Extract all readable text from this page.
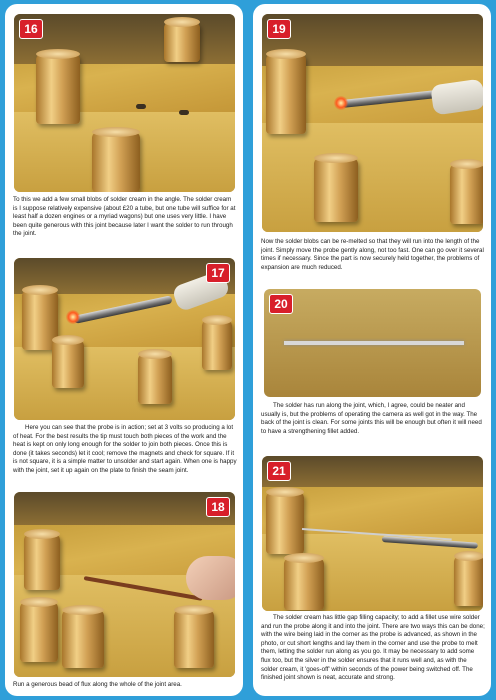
16

To this we add a few small blobs of solder cream in the angle. The solder cream is I suppose relatively expensive (about £20 a tube, but one tube will suffice for at least half a dozen engines or a myriad wagons) but one uses very little. I have been quite generous with this joint because later I want the solder to run through the joint.

17

Here you can see that the probe is in action; set at 3 volts so producing a lot of heat. For the best results the tip must touch both pieces of the work and the heat is kept on only long enough for the solder to join both pieces. Once this is done (it takes seconds) let it cool; remove the magnets and check for square. If it is not square, it is a simple matter to unsolder and start again. When one is happy with the joint, set it up again on the plate to finish the seam joint.

18

Run a generous bead of flux along the whole of the joint area.

19

Now the solder blobs can be re-melted so that they will run into the length of the joint. Simply move the probe gently along, not too fast. One can go over it several times if necessary. Since the part is now securely held together, the problems of expansion are much reduced.

20

The solder has run along the joint, which, I agree, could be neater and usually is, but the problems of operating the camera as well got in the way. The back of the joint is clean. For some joints this will be enough but often it will need to have a strengthening fillet added.

21

The solder cream has little gap filling capacity; to add a fillet use wire solder and run the probe along it and into the joint. There are two ways this can be done; with the wire being laid in the corner as the probe is advanced, as shown in the photo, or cut short lengths and lay them in the corner and use the probe to melt them, letting the solder run along as you go. It may be necessary to add some flux too, but the silver in the solder ensures that it runs well and, as with the solder cream, it 'goes-off' within seconds of the power being switched off. The finished joint shown is neat, accurate and strong.
